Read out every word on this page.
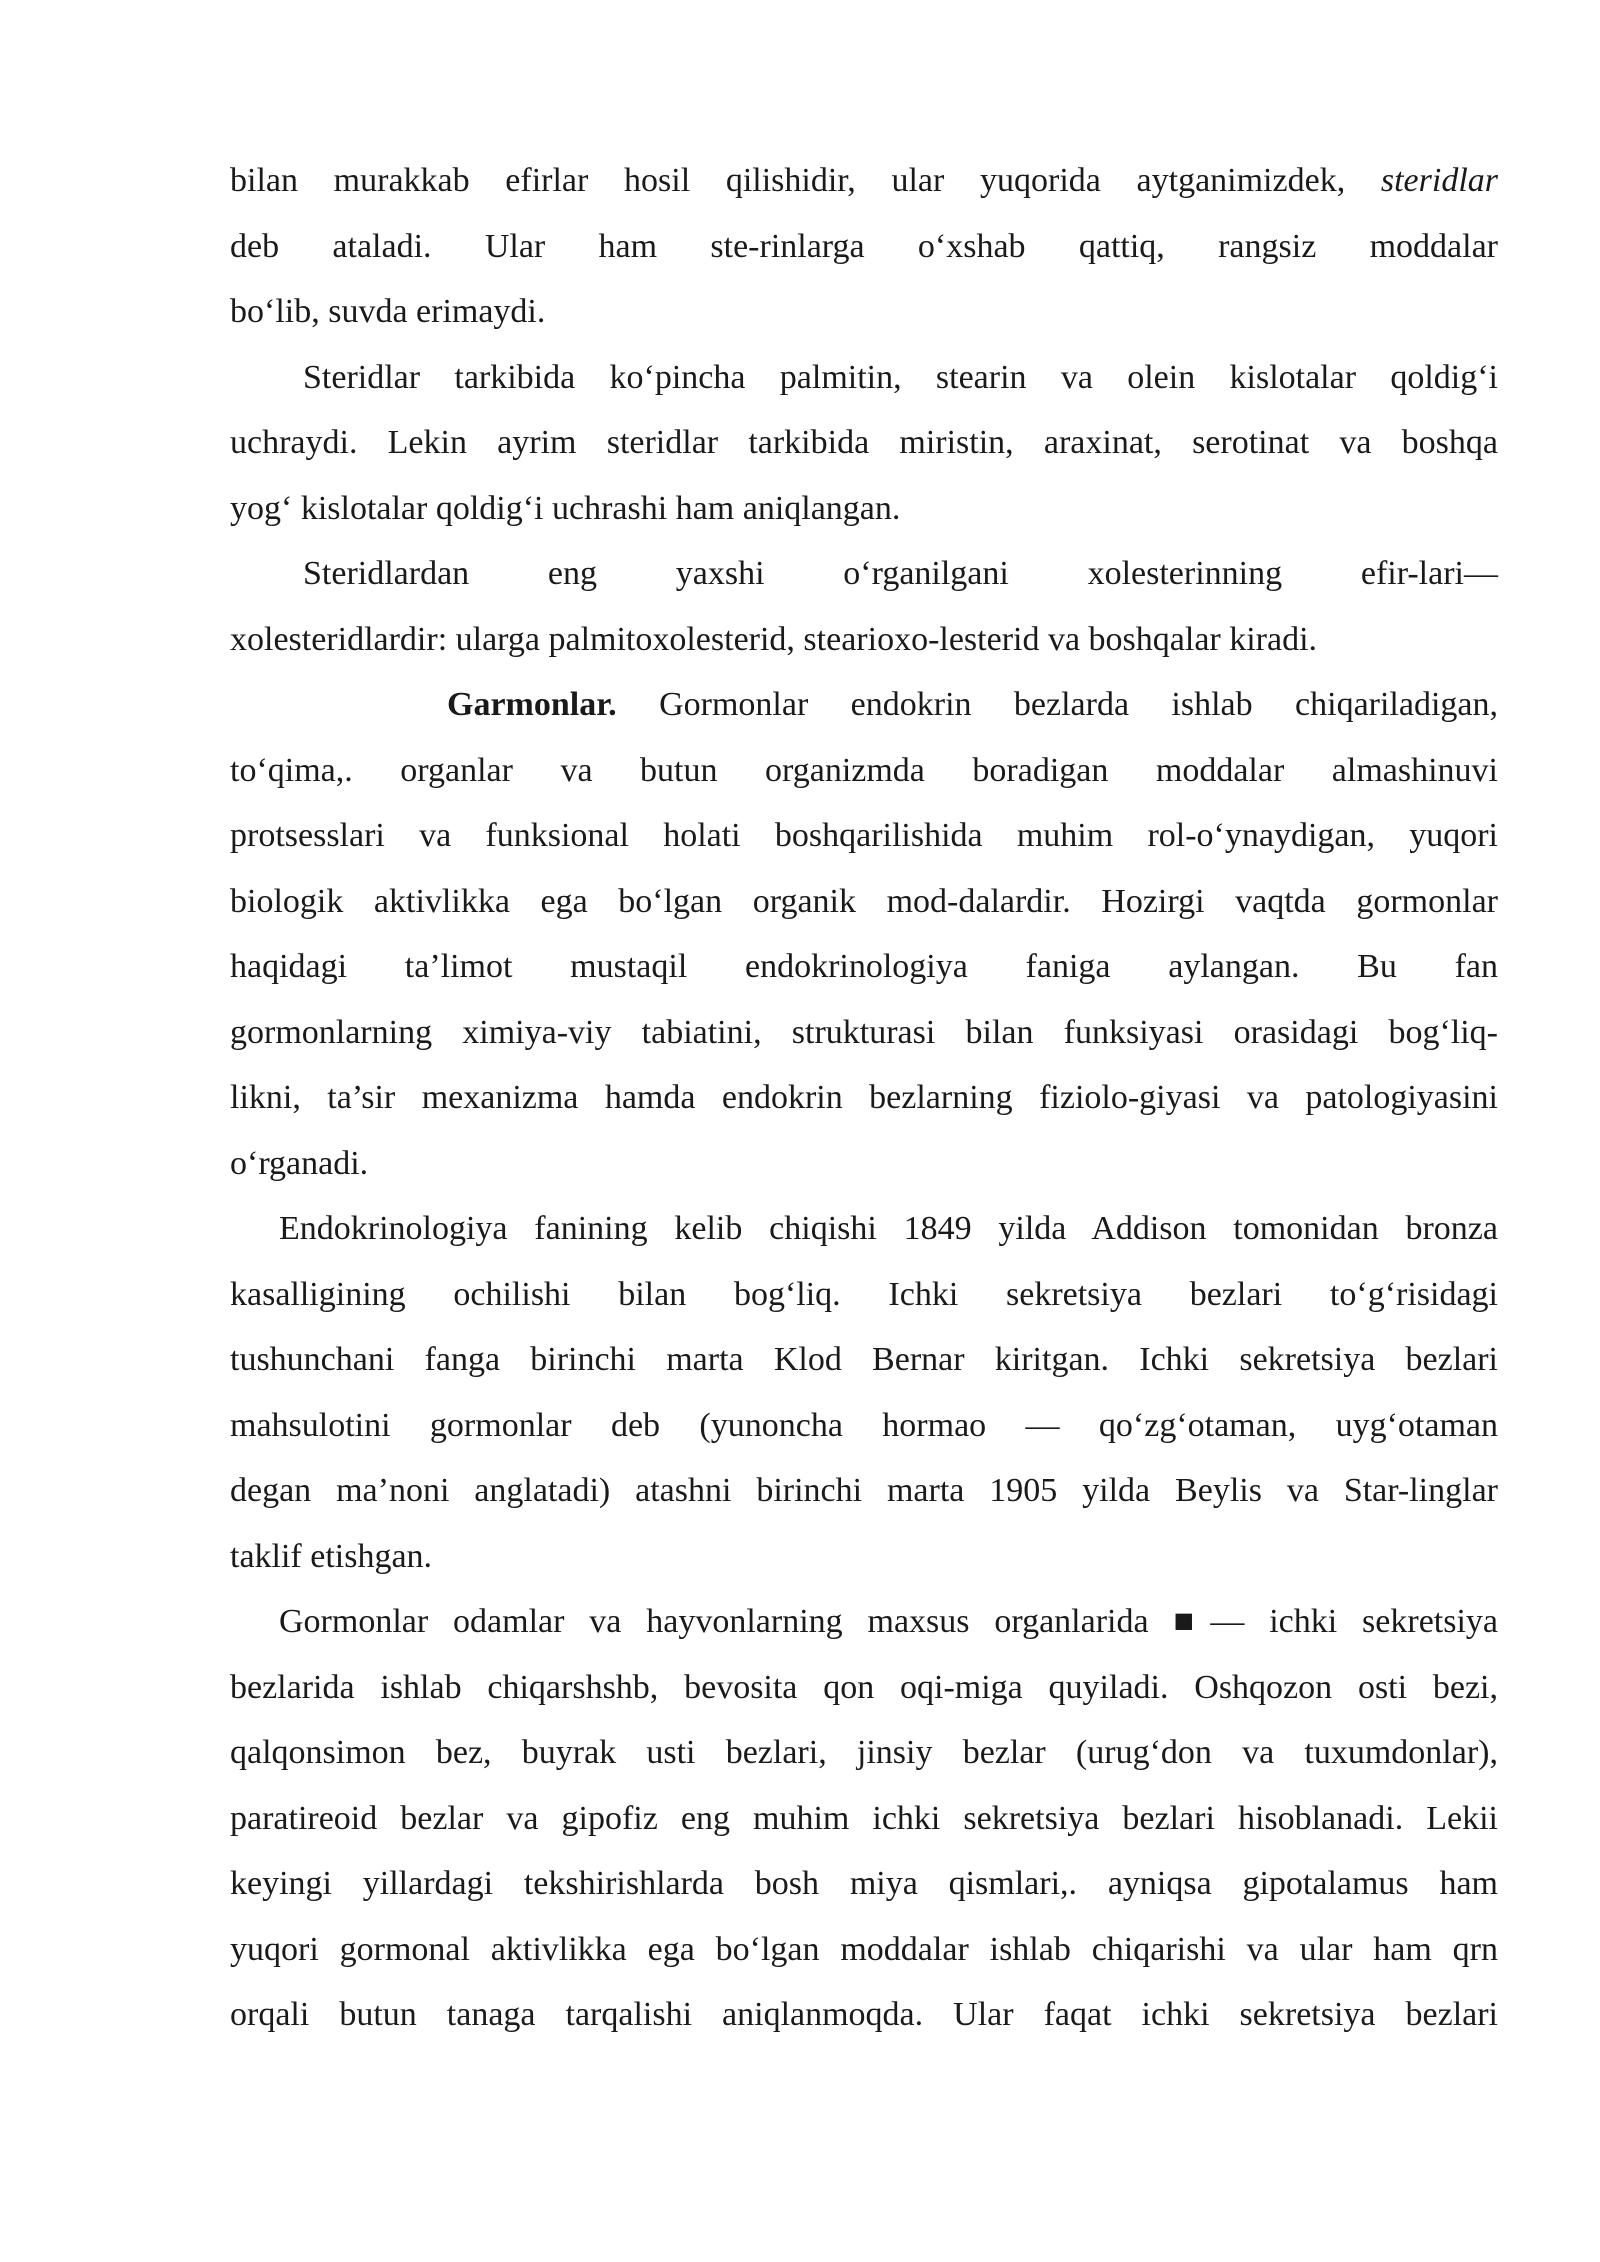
bilan murakkab efirlar hosil qilishidir, ular yuqorida aytganimizdek, steridlar
deb ataladi. Ular ham ste-rinlarga o‘xshab qattiq, rangsiz moddalar
bo‘lib, suvda erimaydi.
Steridlar tarkibida ko‘pincha palmitin, stearin va olein kislotalar qoldig‘i
uchraydi. Lekin ayrim steridlar tarkibida miristin, araxinat, serotinat va boshqa
yog‘ kislotalar qoldig‘i uchrashi ham aniqlangan.
Steridlardan eng yaxshi o‘rganilgani xolesterinning efir-lari—
xolesteridlardir: ularga palmitoxolesterid, stearioxo-lesterid va boshqalar kiradi.
Garmonlar. Gormonlar endokrin bezlarda ishlab chiqariladigan,
to‘qima,. organlar va butun organizmda boradigan moddalar almashinuvi
protsesslari va funksional holati boshqarilishida muhim rol-o‘ynaydigan, yuqori
biologik aktivlikka ega bo‘lgan organik mod-dalardir. Hozirgi vaqtda gormonlar
haqidagi ta’limot mustaqil endokrinologiya faniga aylangan. Bu fan
gormonlarning ximiya-viy tabiatini, strukturasi bilan funksiyasi orasidagi bog‘liq-
likni, ta’sir mexanizma hamda endokrin bezlarning fiziolo-giyasi va patologiyasini
o‘rganadi.
Endokrinologiya fanining kelib chiqishi 1849 yilda Addison tomonidan bronza
kasalligining ochilishi bilan bog‘liq. Ichki sekretsiya bezlari to‘g‘risidagi
tushunchani fanga birinchi marta Klod Bernar kiritgan. Ichki sekretsiya bezlari
mahsulotini gormonlar deb (yunoncha hormao — qo‘zg‘otaman, uyg‘otaman
degan ma’noni anglatadi) atashni birinchi marta 1905 yilda Beylis va Star-linglar
taklif etishgan.
Gormonlar odamlar va hayvonlarning maxsus organlarida ■— ichki sekretsiya
bezlarida ishlab chiqarshshb, bevosita qon oqi-miga quyiladi. Oshqozon osti bezi,
qalqonsimon bez, buyrak usti bezlari, jinsiy bezlar (urug‘don va tuxumdonlar),
paratireoid bezlar va gipofiz eng muhim ichki sekretsiya bezlari hisoblanadi. Lekii
keyingi yillardagi tekshirishlarda bosh miya qismlari,. ayniqsa gipotalamus ham
yuqori gormonal aktivlikka ega bo‘lgan moddalar ishlab chiqarishi va ular ham qrn
orqali butun tanaga tarqalishi aniqlanmoqda. Ular faqat ichki sekretsiya bezlari
